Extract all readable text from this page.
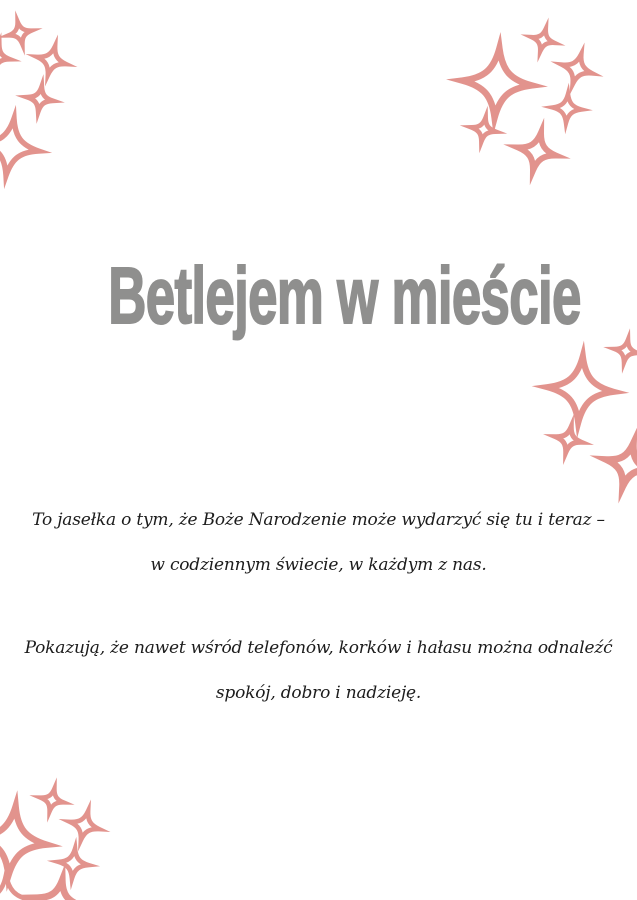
Betlejem w mieście

To jasełka o tym, że Boże Narodzenie może wydarzyć się tu i teraz –
w codziennym świecie, w każdym z nas.

Pokazują, że nawet wśród telefonów, korków i hałasu można odnaleźć
spokój, dobro i nadzieję.
